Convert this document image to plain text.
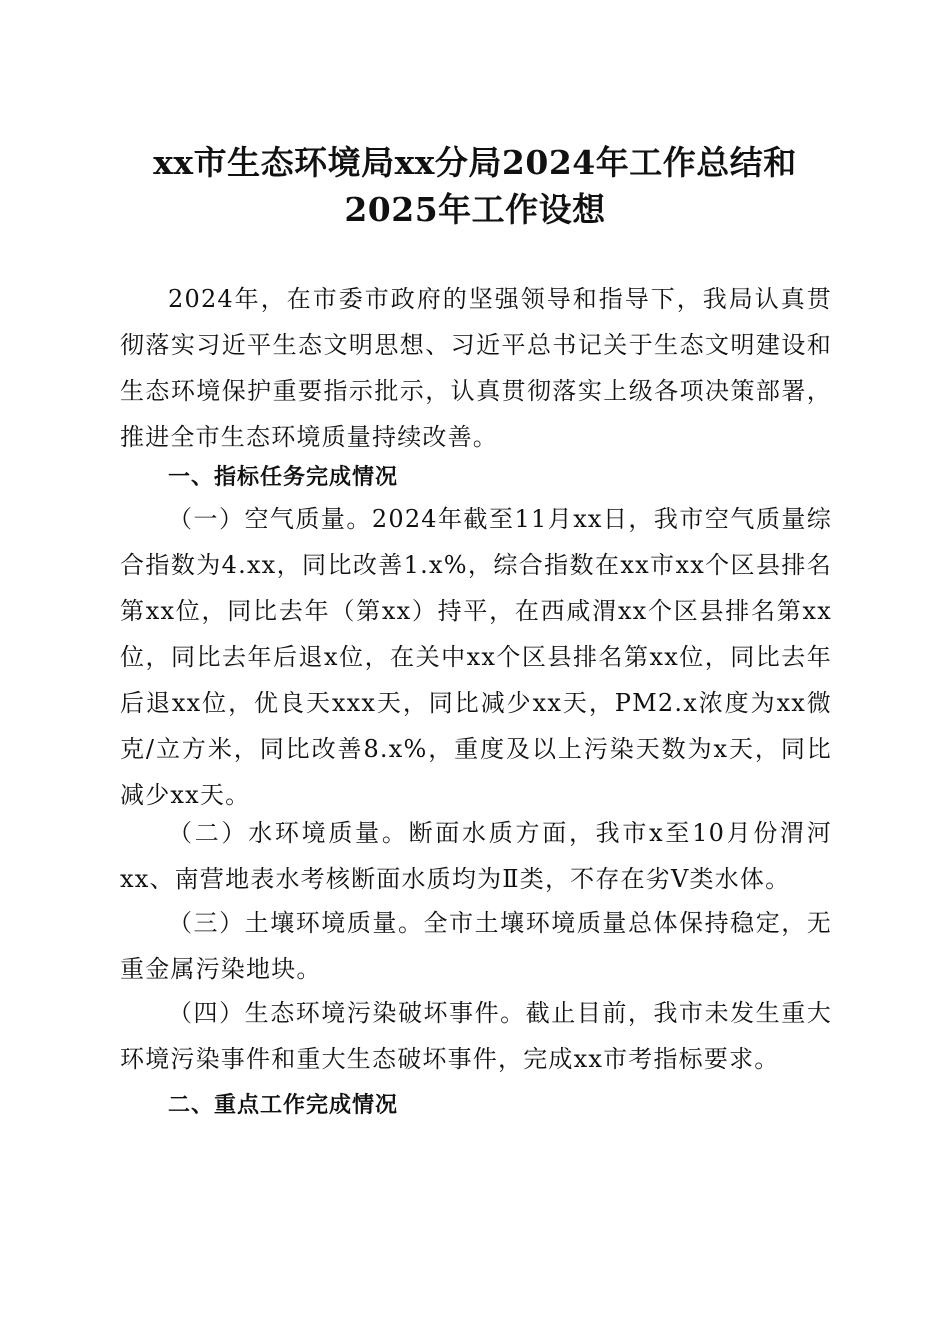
xx市生态环境局xx分局2024年工作总结和
2025年工作设想

2024年，在市委市政府的坚强领导和指导下，我局认真贯彻落实习近平生态文明思想、习近平总书记关于生态文明建设和生态环境保护重要指示批示，认真贯彻落实上级各项决策部署，推进全市生态环境质量持续改善。

一、指标任务完成情况

（一）空气质量。2024年截至11月xx日，我市空气质量综合指数为4.xx，同比改善1.x%，综合指数在xx市xx个区县排名第xx位，同比去年（第xx）持平，在西咸渭xx个区县排名第xx位，同比去年后退x位，在关中xx个区县排名第xx位，同比去年后退xx位，优良天xxx天，同比减少xx天，PM2.x浓度为xx微克/立方米，同比改善8.x%，重度及以上污染天数为x天，同比减少xx天。

（二）水环境质量。断面水质方面，我市x至10月份渭河xx、南营地表水考核断面水质均为Ⅱ类，不存在劣Ⅴ类水体。

（三）土壤环境质量。全市土壤环境质量总体保持稳定，无重金属污染地块。

（四）生态环境污染破坏事件。截止目前，我市未发生重大环境污染事件和重大生态破坏事件，完成xx市考指标要求。

二、重点工作完成情况
